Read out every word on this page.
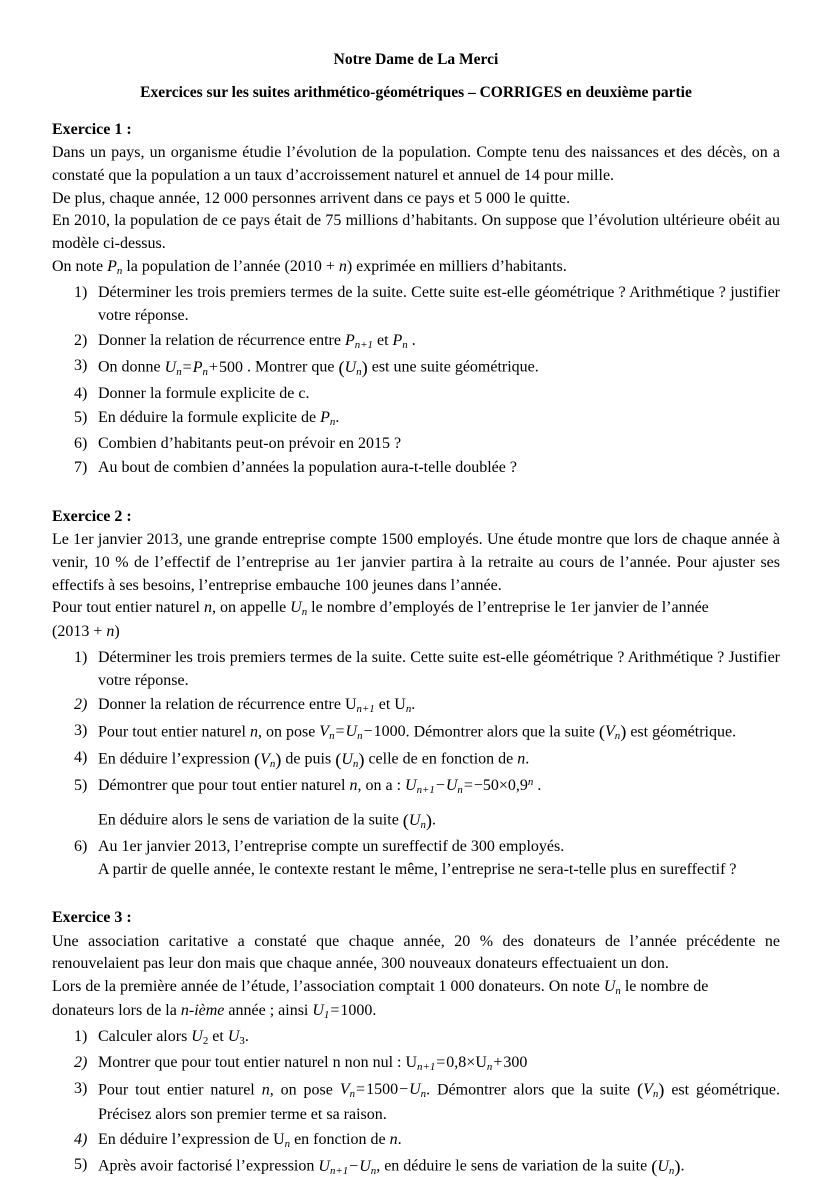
Notre Dame de La Merci
Exercices sur les suites arithmético-géométriques – CORRIGES en deuxième partie
Exercice 1 :

Dans un pays, un organisme étudie l’évolution de la population. Compte tenu des naissances et des décès, on a constaté que la population a un taux d’accroissement naturel et annuel de 14 pour mille.

De plus, chaque année, 12 000 personnes arrivent dans ce pays et 5 000 le quitte.

En 2010, la population de ce pays était de 75 millions d’habitants. On suppose que l’évolution ultérieure obéit au modèle ci-dessus.

On note $P_n$ la population de l’année (2010 + n) exprimée en milliers d’habitants.

1) Déterminer les trois premiers termes de la suite. Cette suite est-elle géométrique ? Arithmétique ? justifier votre réponse.
2) Donner la relation de récurrence entre $P_{n+1}$ et $P_n$ .
3) On donne $U_n=P_n+500$ . Montrer que $(U_n)$ est une suite géométrique.
4) Donner la formule explicite de c.
5) En déduire la formule explicite de $P_n$.
6) Combien d’habitants peut-on prévoir en 2015 ?
7) Au bout de combien d’années la population aura-t-telle doublée ?
Exercice 2 :

Le 1er janvier 2013, une grande entreprise compte 1500 employés. Une étude montre que lors de chaque année à venir, 10 % de l’effectif de l’entreprise au 1er janvier partira à la retraite au cours de l’année. Pour ajuster ses effectifs à ses besoins, l’entreprise embauche 100 jeunes dans l’année.

Pour tout entier naturel n, on appelle $U_n$ le nombre d’employés de l’entreprise le 1er janvier de l’année

(2013 + n)

1) Déterminer les trois premiers termes de la suite. Cette suite est-elle géométrique ? Arithmétique ? Justifier votre réponse.
2) Donner la relation de récurrence entre $U_{n+1}$ et $U_n$.
3) Pour tout entier naturel n, on pose $V_n=U_n-1000$. Démontrer alors que la suite $(V_n)$ est géométrique.
4) En déduire l’expression $(V_n)$ de puis $(U_n)$ celle de en fonction de n.
5) Démontrer que pour tout entier naturel n, on a : $U_{n+1}-U_n=-50\times 0,9^n$ .
En déduire alors le sens de variation de la suite $(U_n)$.
6) Au 1er janvier 2013, l’entreprise compte un sureffectif de 300 employés.
A partir de quelle année, le contexte restant le même, l’entreprise ne sera-t-telle plus en sureffectif ?
Exercice 3 :

Une association caritative a constaté que chaque année, 20 % des donateurs de l’année précédente ne renouvelaient pas leur don mais que chaque année, 300 nouveaux donateurs effectuaient un don.

Lors de la première année de l’étude, l’association comptait 1 000 donateurs. On note $U_n$ le nombre de

donateurs lors de la n-ième année ; ainsi $U_1=1000$.

1) Calculer alors $U_2$ et $U_3$.
2) Montrer que pour tout entier naturel n non nul : $U_{n+1}=0,8\times U_n+300$
3) Pour tout entier naturel n, on pose $V_n=1500-U_n$. Démontrer alors que la suite $(V_n)$ est géométrique. Précisez alors son premier terme et sa raison.
4) En déduire l’expression de $U_n$ en fonction de n.
5) Après avoir factorisé l’expression $U_{n+1}-U_n$, en déduire le sens de variation de la suite $(U_n)$.
